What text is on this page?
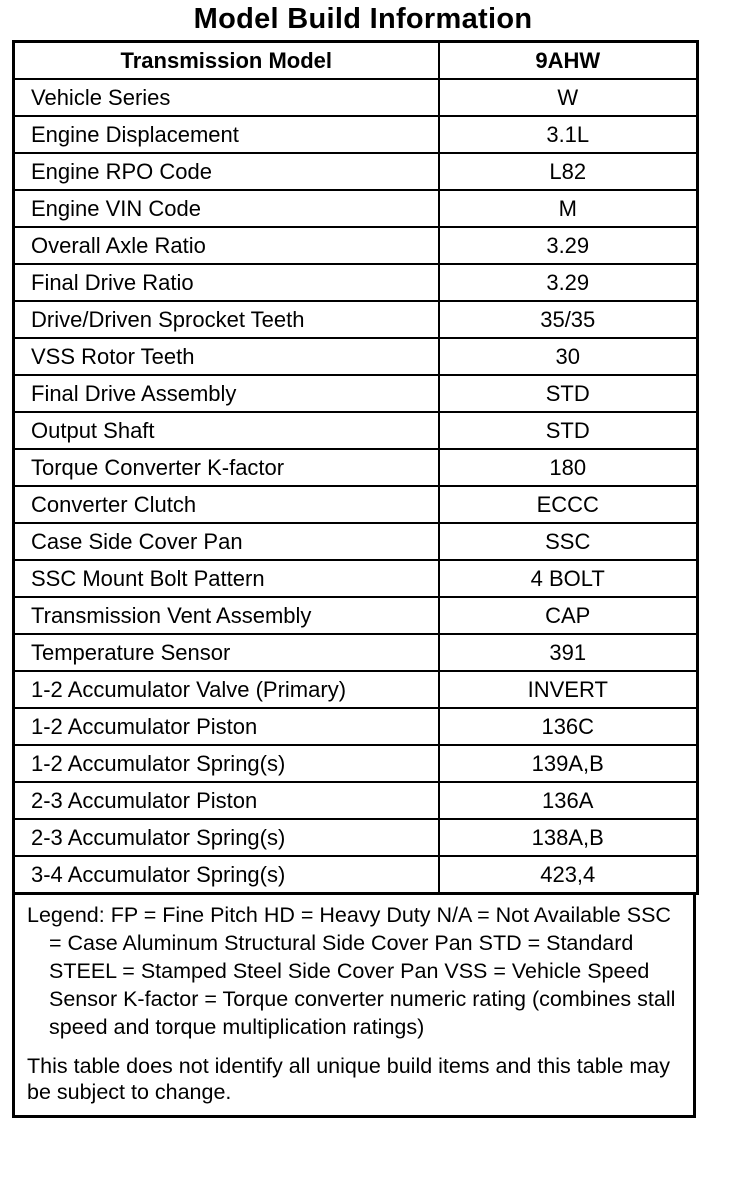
Model Build Information
Transmission Model	9AHW
Vehicle Series	W
Engine Displacement	3.1L
Engine RPO Code	L82
Engine VIN Code	M
Overall Axle Ratio	3.29
Final Drive Ratio	3.29
Drive/Driven Sprocket Teeth	35/35
VSS Rotor Teeth	30
Final Drive Assembly	STD
Output Shaft	STD
Torque Converter K-factor	180
Converter Clutch	ECCC
Case Side Cover Pan	SSC
SSC Mount Bolt Pattern	4 BOLT
Transmission Vent Assembly	CAP
Temperature Sensor	391
1-2 Accumulator Valve (Primary)	INVERT
1-2 Accumulator Piston	136C
1-2 Accumulator Spring(s)	139A,B
2-3 Accumulator Piston	136A
2-3 Accumulator Spring(s)	138A,B
3-4 Accumulator Spring(s)	423,4
Legend: FP = Fine Pitch HD = Heavy Duty N/A = Not Available SSC = Case Aluminum Structural Side Cover Pan STD = Standard STEEL = Stamped Steel Side Cover Pan VSS = Vehicle Speed Sensor K-factor = Torque converter numeric rating (combines stall speed and torque multiplication ratings)
This table does not identify all unique build items and this table may be subject to change.
